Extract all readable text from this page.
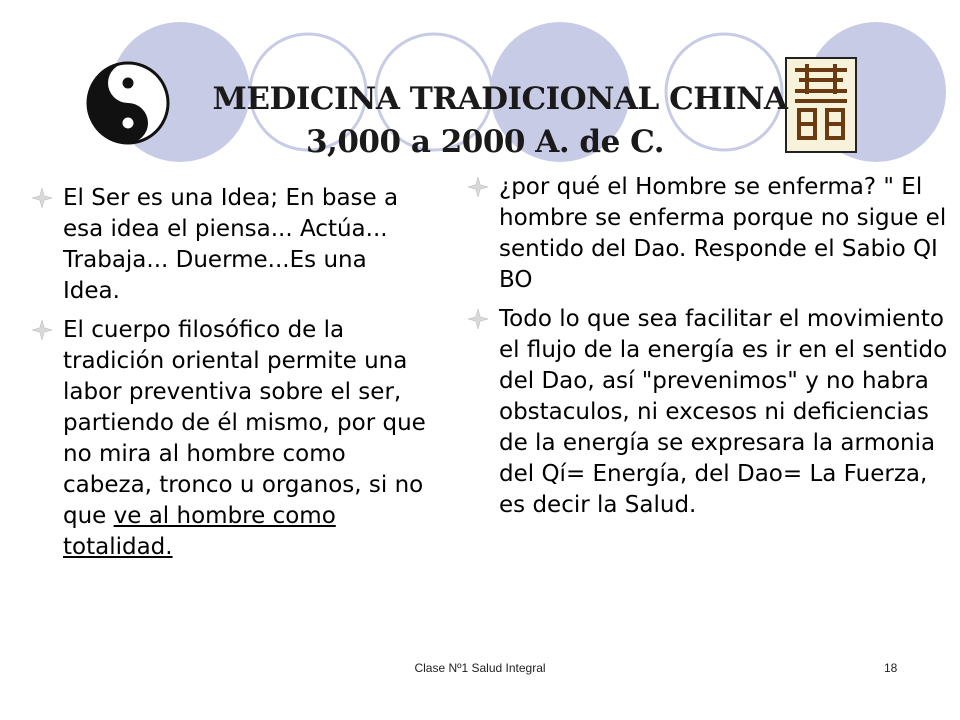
MEDICINA TRADICIONAL CHINA
3,000 a 2000 A. de C.
El Ser es una Idea; En base a esa idea el piensa... Actúa... Trabaja... Duerme...Es una Idea.
El cuerpo filosófico de la tradición oriental permite una labor preventiva sobre el ser, partiendo de él mismo, por que no mira al hombre como cabeza, tronco u organos, si no que ve al hombre como totalidad.
¿por qué el Hombre se enferma? " El hombre se enferma porque no sigue el sentido del Dao. Responde el Sabio QI BO
Todo lo que sea facilitar el movimiento el flujo de la energía es ir en el sentido del Dao, así "prevenimos" y no habra obstaculos, ni excesos ni deficiencias de la energía se expresara la armonia del Qí= Energía, del Dao= La Fuerza, es decir la Salud.
Clase Nº1 Salud Integral	18
